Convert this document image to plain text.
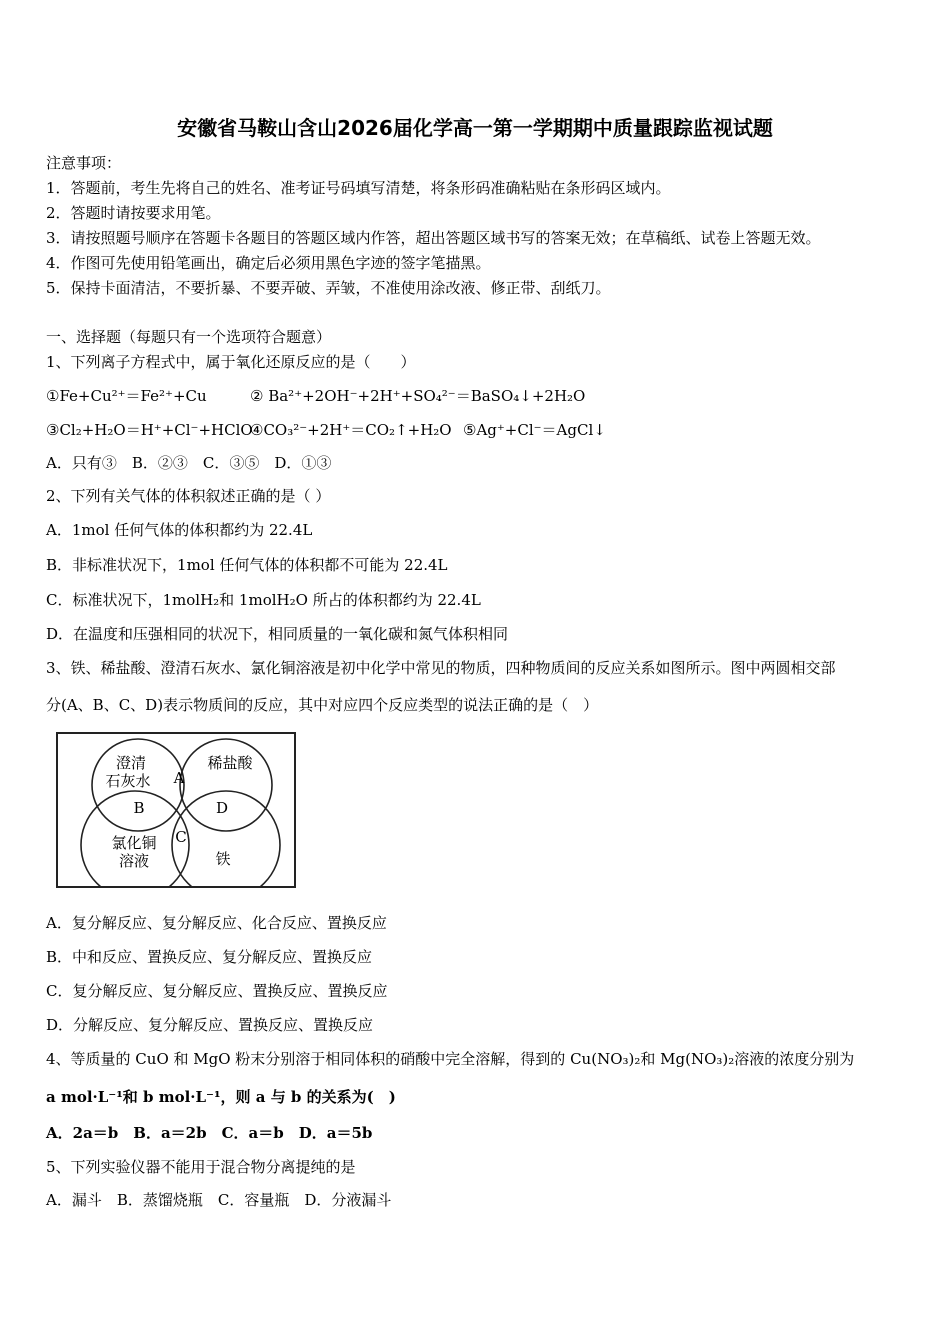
安徽省马鞍山含山2026届化学高一第一学期期中质量跟踪监视试题
注意事项：
1．答题前，考生先将自己的姓名、准考证号码填写清楚，将条形码准确粘贴在条形码区域内。
2．答题时请按要求用笔。
3．请按照题号顺序在答题卡各题目的答题区域内作答，超出答题区域书写的答案无效；在草稿纸、试卷上答题无效。
4．作图可先使用铅笔画出，确定后必须用黑色字迹的签字笔描黑。
5．保持卡面清洁，不要折暴、不要弄破、弄皱，不准使用涂改液、修正带、刮纸刀。
一、选择题（每题只有一个选项符合题意）
1、下列离子方程式中，属于氧化还原反应的是（　　）
①Fe+Cu²⁺＝Fe²⁺+Cu	② Ba²⁺+2OH⁻+2H⁺+SO₄²⁻＝BaSO₄↓+2H₂O
③Cl₂+H₂O＝H⁺+Cl⁻+HClO
④CO₃²⁻+2H⁺＝CO₂↑+H₂O ⑤Ag⁺+Cl⁻＝AgCl↓
A．只有③　B．②③　C．③⑤　D．①③
2、下列有关气体的体积叙述正确的是（ ）
A．1mol 任何气体的体积都约为 22.4L
B．非标准状况下，1mol 任何气体的体积都不可能为 22.4L
C．标准状况下，1molH₂和 1molH₂O 所占的体积都约为 22.4L
D．在温度和压强相同的状况下，相同质量的一氧化碳和氮气体积相同
3、铁、稀盐酸、澄清石灰水、氯化铜溶液是初中化学中常见的物质，四种物质间的反应关系如图所示。图中两圆相交部
分(A、B、C、D)表示物质间的反应，其中对应四个反应类型的说法正确的是（　）
澄清
石灰水
稀盐酸
氯化铜
溶液	铁
A
B
C
D
A．复分解反应、复分解反应、化合反应、置换反应
B．中和反应、置换反应、复分解反应、置换反应
C．复分解反应、复分解反应、置换反应、置换反应
D．分解反应、复分解反应、置换反应、置换反应
4、等质量的 CuO 和 MgO 粉末分别溶于相同体积的硝酸中完全溶解，得到的 Cu(NO₃)₂和 Mg(NO₃)₂溶液的浓度分别为
a mol·L⁻¹和 b mol·L⁻¹，则 a 与 b 的关系为(　)
A．2a＝b　B．a＝2b　C．a＝b　D．a＝5b
5、下列实验仪器不能用于混合物分离提纯的是
A．漏斗　B．蒸馏烧瓶　C．容量瓶　D．分液漏斗
